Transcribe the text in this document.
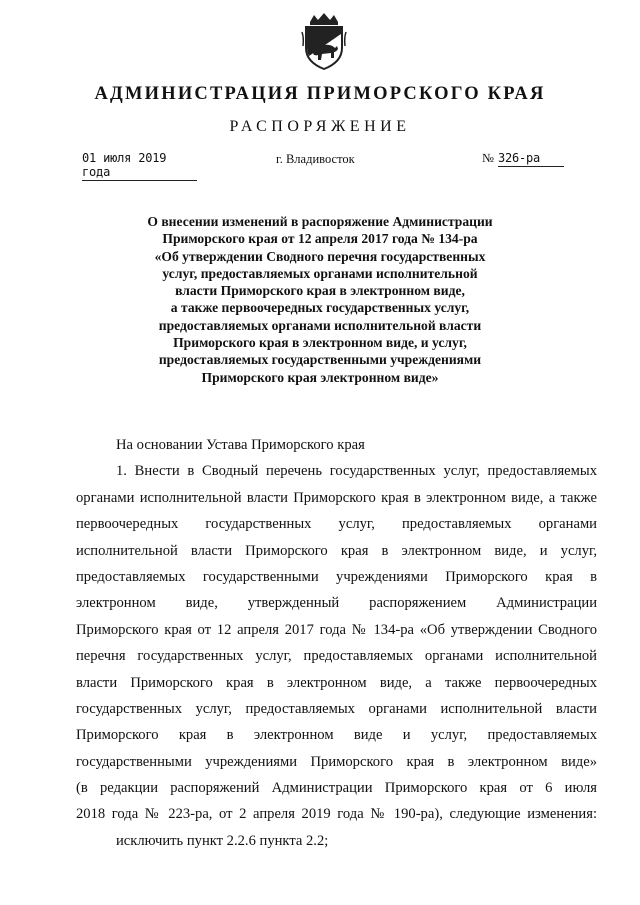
АДМИНИСТРАЦИЯ ПРИМОРСКОГО КРАЯ
РАСПОРЯЖЕНИЕ
01 июля 2019 года
г. Владивосток	№ 326-ра
О внесении изменений в распоряжение Администрации
Приморского края от 12 апреля 2017 года № 134-ра
«Об утверждении Сводного перечня государственных
услуг, предоставляемых органами исполнительной
власти Приморского края в электронном виде,
а также первоочередных государственных услуг,
предоставляемых органами исполнительной власти
Приморского края в электронном виде, и услуг,
предоставляемых государственными учреждениями
Приморского края электронном виде»
На основании Устава Приморского края
1. Внести в Сводный перечень государственных услуг, предоставляемых
органами исполнительной власти Приморского края в электронном виде, а также
первоочередных государственных услуг, предоставляемых органами
исполнительной власти Приморского края в электронном виде, и услуг,
предоставляемых государственными учреждениями Приморского края в
электронном виде, утвержденный распоряжением Администрации
Приморского края от 12 апреля 2017 года № 134-ра «Об утверждении Сводного
перечня государственных услуг, предоставляемых органами исполнительной
власти Приморского края в электронном виде, а также первоочередных
государственных услуг, предоставляемых органами исполнительной власти
Приморского края в электронном виде и услуг, предоставляемых
государственными учреждениями Приморского края в электронном виде»
(в редакции распоряжений Администрации Приморского края от 6 июля
2018 года № 223-ра, от 2 апреля 2019 года № 190-ра), следующие изменения:
исключить пункт 2.2.6 пункта 2.2;
